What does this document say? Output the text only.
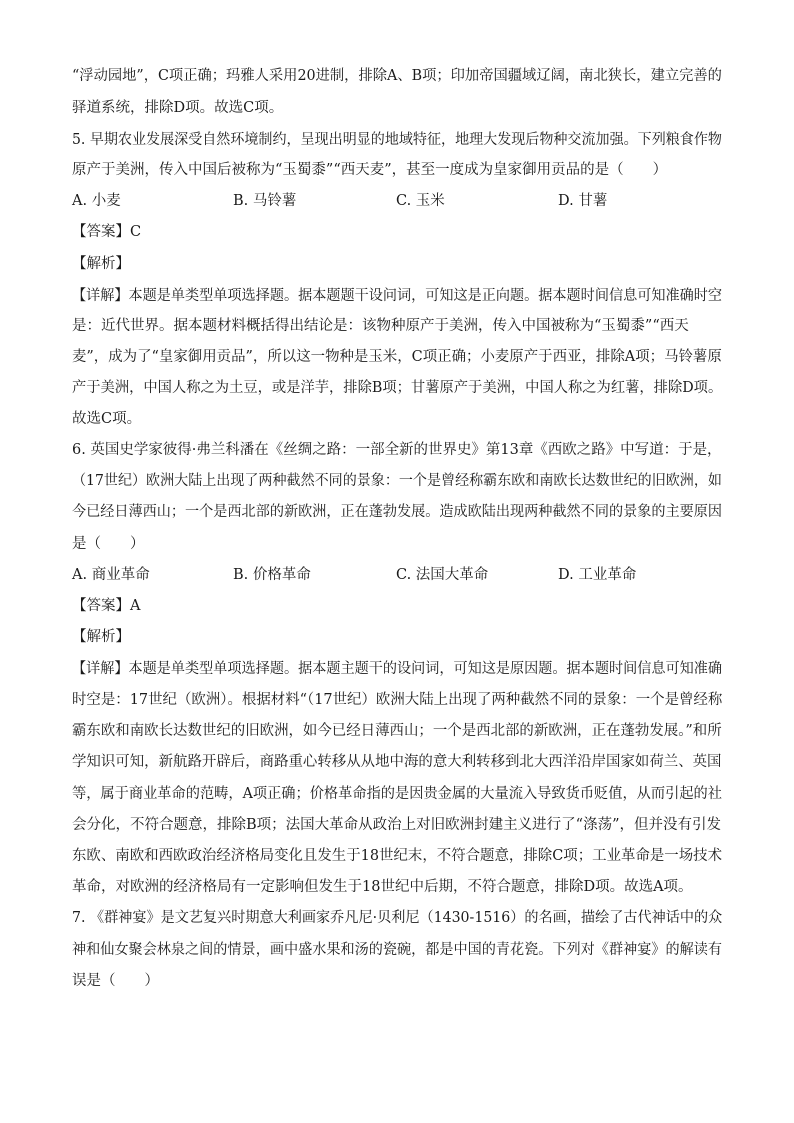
“浮动园地”，C项正确；玛雅人采用20进制，排除A、B项；印加帝国疆域辽阔，南北狭长，建立完善的
驿道系统，排除D项。故选C项。
5. 早期农业发展深受自然环境制约，呈现出明显的地域特征，地理大发现后物种交流加强。下列粮食作物
原产于美洲，传入中国后被称为“玉蜀黍”“西天麦”，甚至一度成为皇家御用贡品的是（　　）
A. 小麦	B. 马铃薯	C. 玉米	D. 甘薯
【答案】C
【解析】
【详解】本题是单类型单项选择题。据本题题干设问词，可知这是正向题。据本题时间信息可知准确时空
是：近代世界。据本题材料概括得出结论是：该物种原产于美洲，传入中国被称为“玉蜀黍”“西天
麦”，成为了“皇家御用贡品”，所以这一物种是玉米，C项正确；小麦原产于西亚，排除A项；马铃薯原
产于美洲，中国人称之为土豆，或是洋芋，排除B项；甘薯原产于美洲，中国人称之为红薯，排除D项。
故选C项。
6. 英国史学家彼得·弗兰科潘在《丝绸之路：一部全新的世界史》第13章《西欧之路》中写道：于是，
（17世纪）欧洲大陆上出现了两种截然不同的景象：一个是曾经称霸东欧和南欧长达数世纪的旧欧洲，如
今已经日薄西山；一个是西北部的新欧洲，正在蓬勃发展。造成欧陆出现两种截然不同的景象的主要原因
是（　　）
A. 商业革命	B. 价格革命	C. 法国大革命	D. 工业革命
【答案】A
【解析】
【详解】本题是单类型单项选择题。据本题主题干的设问词，可知这是原因题。据本题时间信息可知准确
时空是：17世纪（欧洲）。根据材料“（17世纪）欧洲大陆上出现了两种截然不同的景象：一个是曾经称
霸东欧和南欧长达数世纪的旧欧洲，如今已经日薄西山；一个是西北部的新欧洲，正在蓬勃发展。”和所
学知识可知，新航路开辟后，商路重心转移从从地中海的意大利转移到北大西洋沿岸国家如荷兰、英国
等，属于商业革命的范畴，A项正确；价格革命指的是因贵金属的大量流入导致货币贬值，从而引起的社
会分化，不符合题意，排除B项；法国大革命从政治上对旧欧洲封建主义进行了“涤荡”，但并没有引发
东欧、南欧和西欧政治经济格局变化且发生于18世纪末，不符合题意，排除C项；工业革命是一场技术
革命，对欧洲的经济格局有一定影响但发生于18世纪中后期，不符合题意，排除D项。故选A项。
7. 《群神宴》是文艺复兴时期意大利画家乔凡尼·贝利尼（1430-1516）的名画，描绘了古代神话中的众
神和仙女聚会林泉之间的情景，画中盛水果和汤的瓷碗，都是中国的青花瓷。下列对《群神宴》的解读有
误是（　　）
